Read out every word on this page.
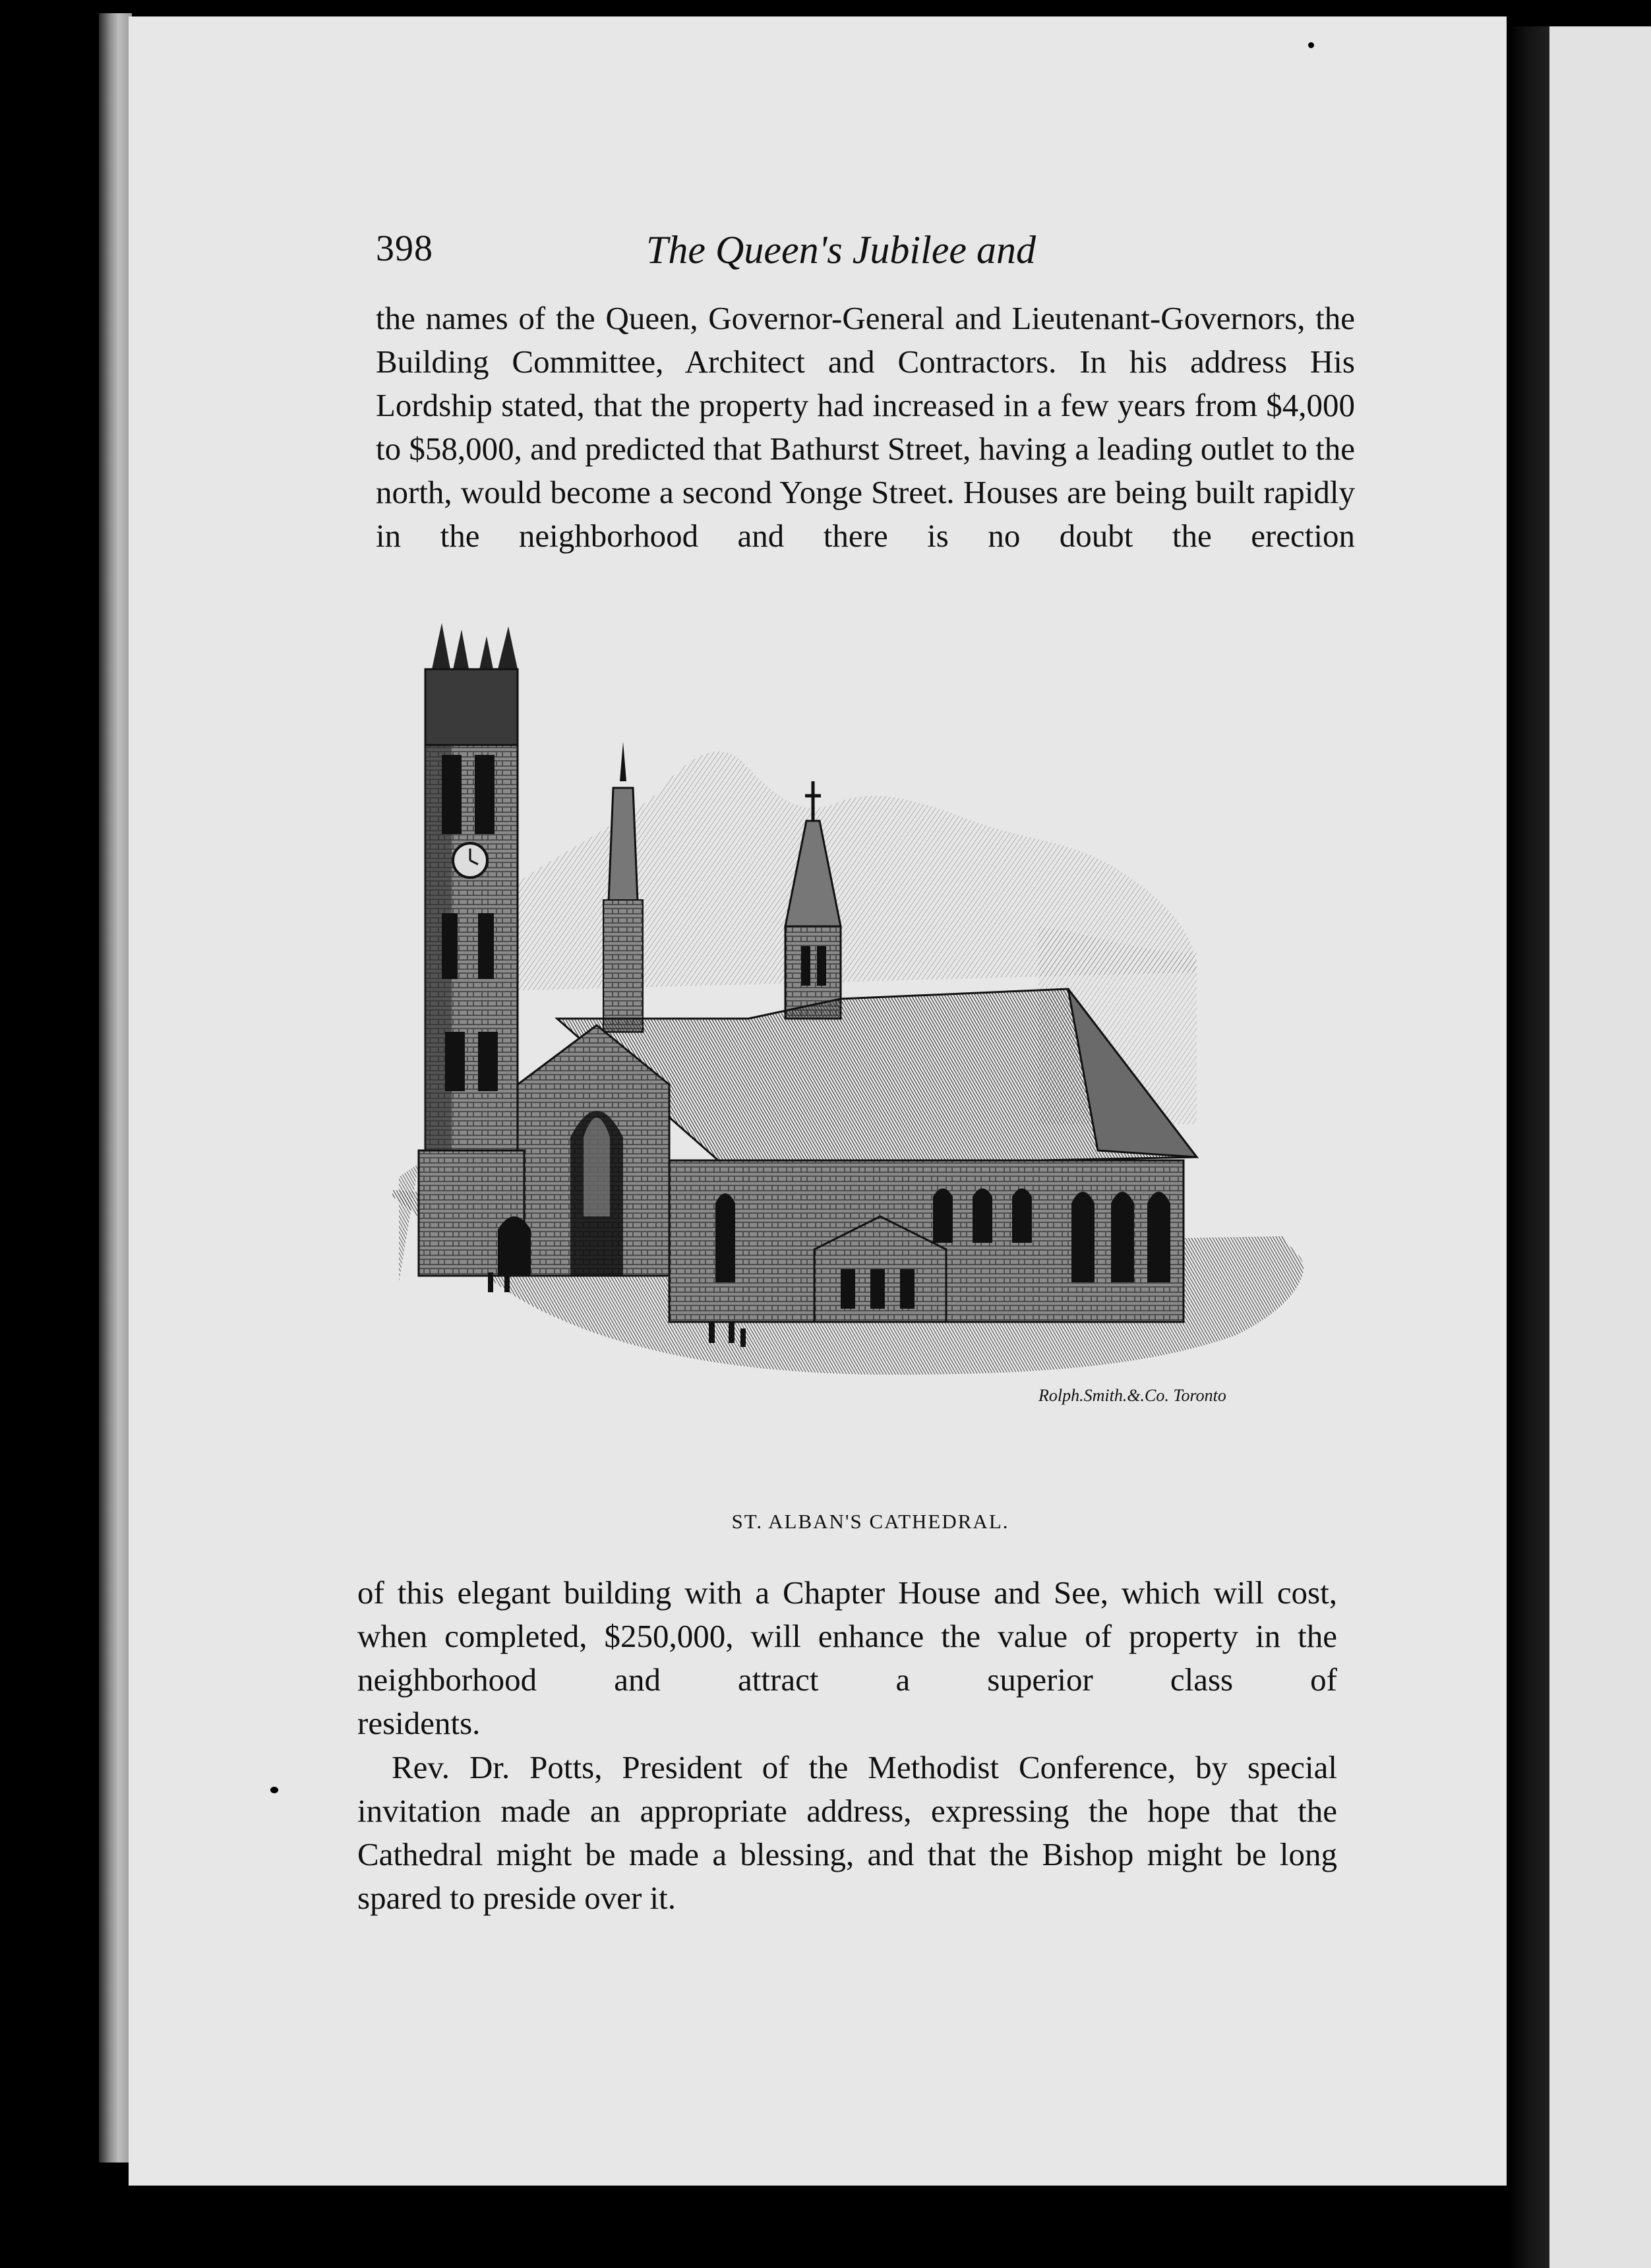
398	The Queen's Jubilee and

the names of the Queen, Governor-General and Lieutenant-Governors, the Building Committee, Architect and Contractors. In his address His Lordship stated, that the property had increased in a few years from $4,000 to $58,000, and predicted that Bathurst Street, having a leading outlet to the north, would become a second Yonge Street. Houses are being built rapidly in the neighborhood and there is no doubt the erection

Rolph.Smith.&.Co. Toronto
ST. ALBAN'S CATHEDRAL.

of this elegant building with a Chapter House and See, which will cost, when completed, $250,000, will enhance the value of property in the neighborhood and attract a superior class of

residents.

Rev. Dr. Potts, President of the Methodist Conference, by special invitation made an appropriate address, expressing the hope that the Cathedral might be made a blessing, and that the Bishop might be long spared to preside over it.
